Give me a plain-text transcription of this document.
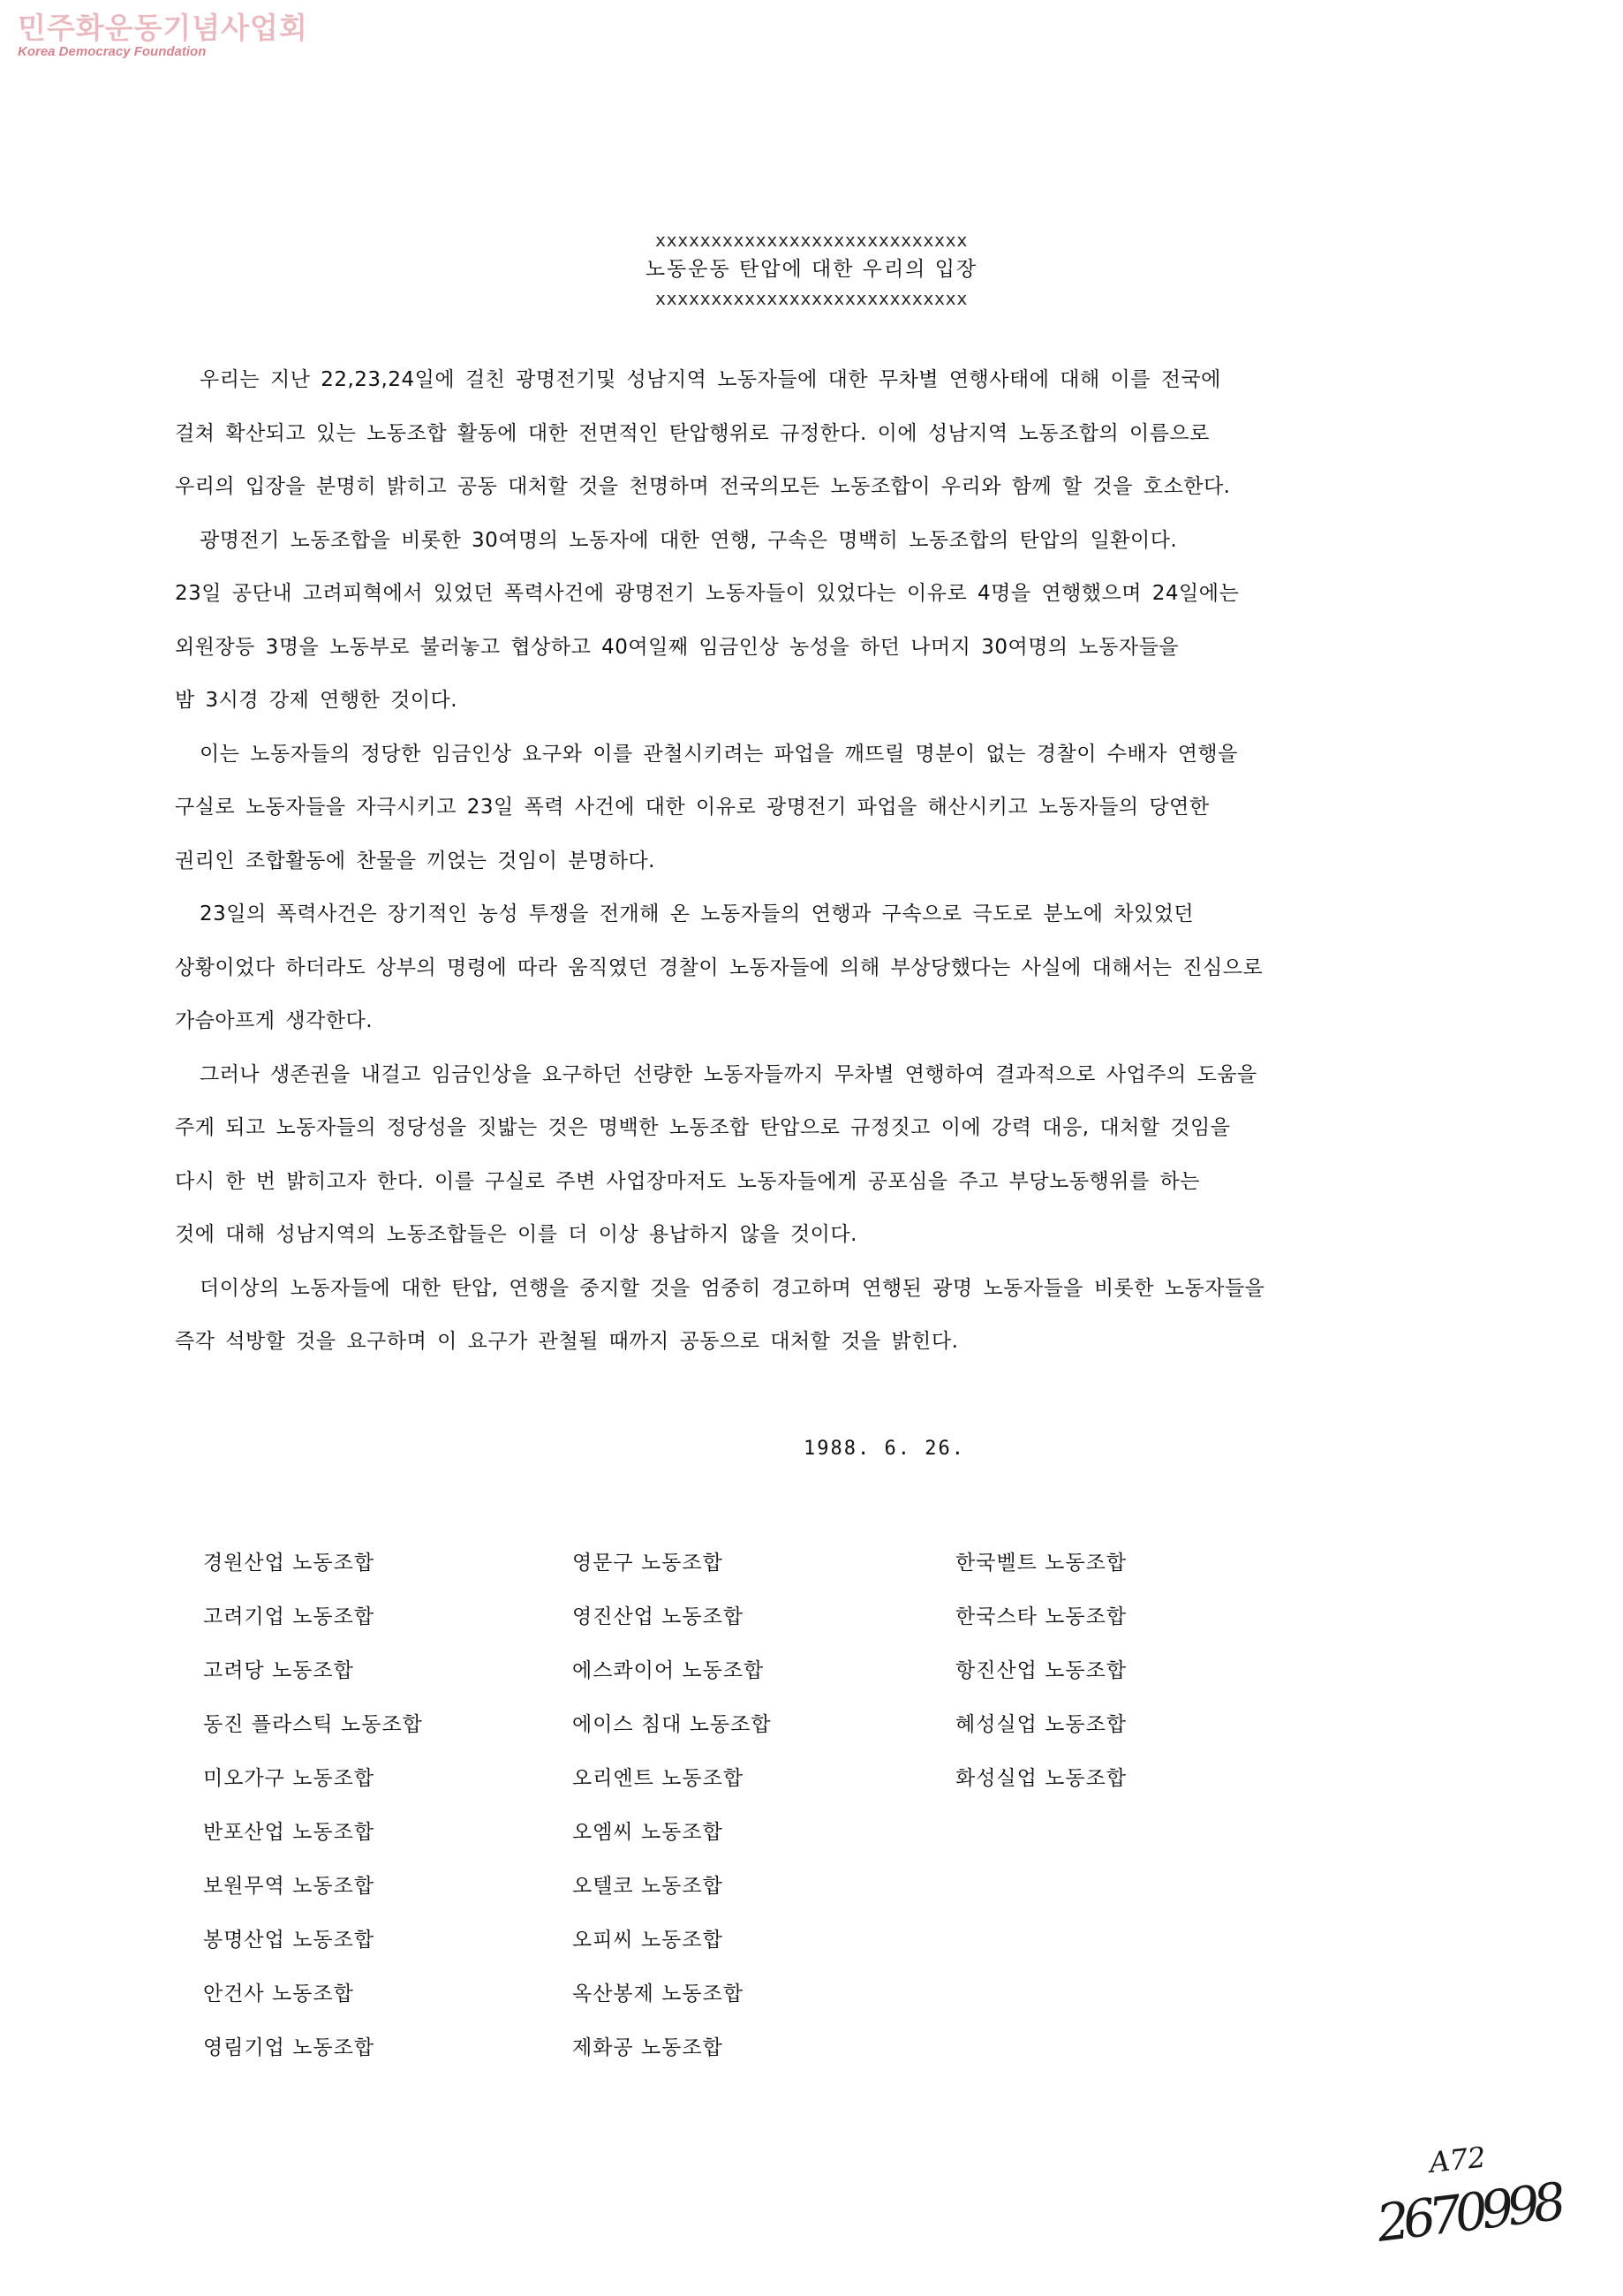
민주화운동기념사업회
Korea Democracy Foundation
xxxxxxxxxxxxxxxxxxxxxxxxxxxx
노동운동 탄압에 대한 우리의 입장
xxxxxxxxxxxxxxxxxxxxxxxxxxxx
우리는 지난 22,23,24일에 걸친 광명전기및 성남지역 노동자들에 대한 무차별 연행사태에 대해 이를 전국에
걸쳐 확산되고 있는 노동조합 활동에 대한 전면적인 탄압행위로 규정한다. 이에 성남지역 노동조합의 이름으로
우리의 입장을 분명히 밝히고 공동 대처할 것을 천명하며 전국의모든 노동조합이 우리와 함께 할 것을 호소한다.
광명전기 노동조합을 비롯한 30여명의 노동자에 대한 연행, 구속은 명백히 노동조합의 탄압의 일환이다.
23일 공단내 고려피혁에서 있었던 폭력사건에 광명전기 노동자들이 있었다는 이유로 4명을 연행했으며 24일에는
외원장등 3명을 노동부로 불러놓고 협상하고 40여일째 임금인상 농성을 하던 나머지 30여명의 노동자들을
밤 3시경 강제 연행한 것이다.
이는 노동자들의 정당한 임금인상 요구와 이를 관철시키려는 파업을 깨뜨릴 명분이 없는 경찰이 수배자 연행을
구실로 노동자들을 자극시키고 23일 폭력 사건에 대한 이유로 광명전기 파업을 해산시키고 노동자들의 당연한
권리인 조합활동에 찬물을 끼얹는 것임이 분명하다.
23일의 폭력사건은 장기적인 농성 투쟁을 전개해 온 노동자들의 연행과 구속으로 극도로 분노에 차있었던
상황이었다 하더라도 상부의 명령에 따라 움직였던 경찰이 노동자들에 의해 부상당했다는 사실에 대해서는 진심으로
가슴아프게 생각한다.
그러나 생존권을 내걸고 임금인상을 요구하던 선량한 노동자들까지 무차별 연행하여 결과적으로 사업주의 도움을
주게 되고 노동자들의 정당성을 짓밟는 것은 명백한 노동조합 탄압으로 규정짓고 이에 강력 대응, 대처할 것임을
다시 한 번 밝히고자 한다. 이를 구실로 주변 사업장마저도 노동자들에게 공포심을 주고 부당노동행위를 하는
것에 대해 성남지역의 노동조합들은 이를 더 이상 용납하지 않을 것이다.
더이상의 노동자들에 대한 탄압, 연행을 중지할 것을 엄중히 경고하며 연행된 광명 노동자들을 비롯한 노동자들을
즉각 석방할 것을 요구하며 이 요구가 관철될 때까지 공동으로 대처할 것을 밝힌다.
1988. 6. 26.
경원산업 노동조합
고려기업 노동조합
고려당 노동조합
동진 플라스틱 노동조합
미오가구 노동조합
반포산업 노동조합
보원무역 노동조합
봉명산업 노동조합
안건사 노동조합
영림기업 노동조합
영문구 노동조합
영진산업 노동조합
에스콰이어 노동조합
에이스 침대 노동조합
오리엔트 노동조합
오엠씨 노동조합
오텔코 노동조합
오피씨 노동조합
옥산봉제 노동조합
제화공 노동조합
한국벨트 노동조합
한국스타 노동조합
항진산업 노동조합
혜성실업 노동조합
화성실업 노동조합
A72
2670998
